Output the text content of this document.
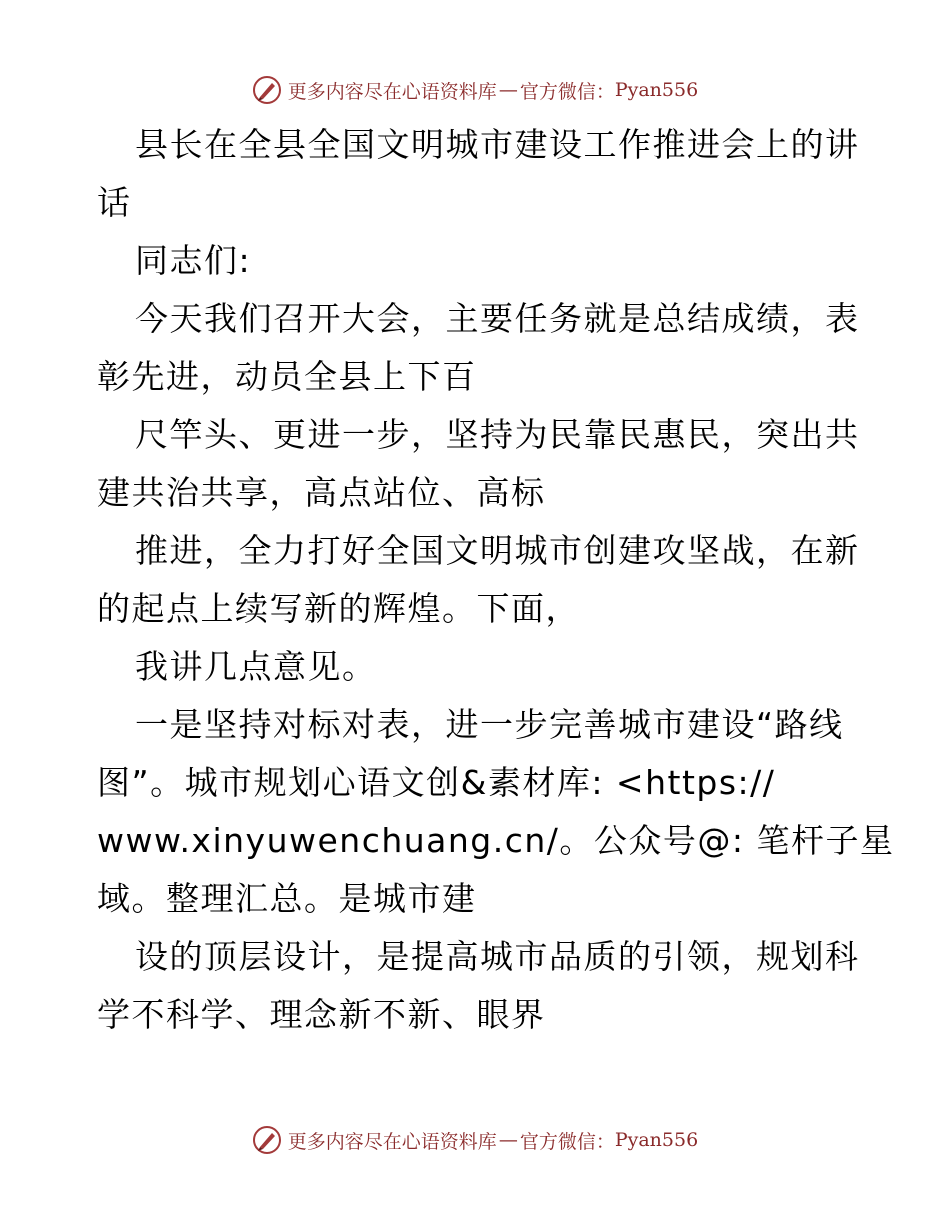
更多内容尽在心语资料库 — 官方微信： Pyan556
县长在全县全国文明城市建设工作推进会上的讲
话
同志们:
今天我们召开大会，主要任务就是总结成绩，表
彰先进，动员全县上下百
尺竿头、更进一步，坚持为民靠民惠民，突出共
建共治共享，高点站位、高标
推进，全力打好全国文明城市创建攻坚战，在新
的起点上续写新的辉煌。下面，
我讲几点意见。
一是坚持对标对表，进一步完善城市建设“路线
图”。城市规划心语文创&素材库: <https://
www.xinyuwenchuang.cn/。公众号@: 笔杆子星
域。整理汇总。是城市建
设的顶层设计，是提高城市品质的引领，规划科
学不科学、理念新不新、眼界
更多内容尽在心语资料库 — 官方微信： Pyan556
